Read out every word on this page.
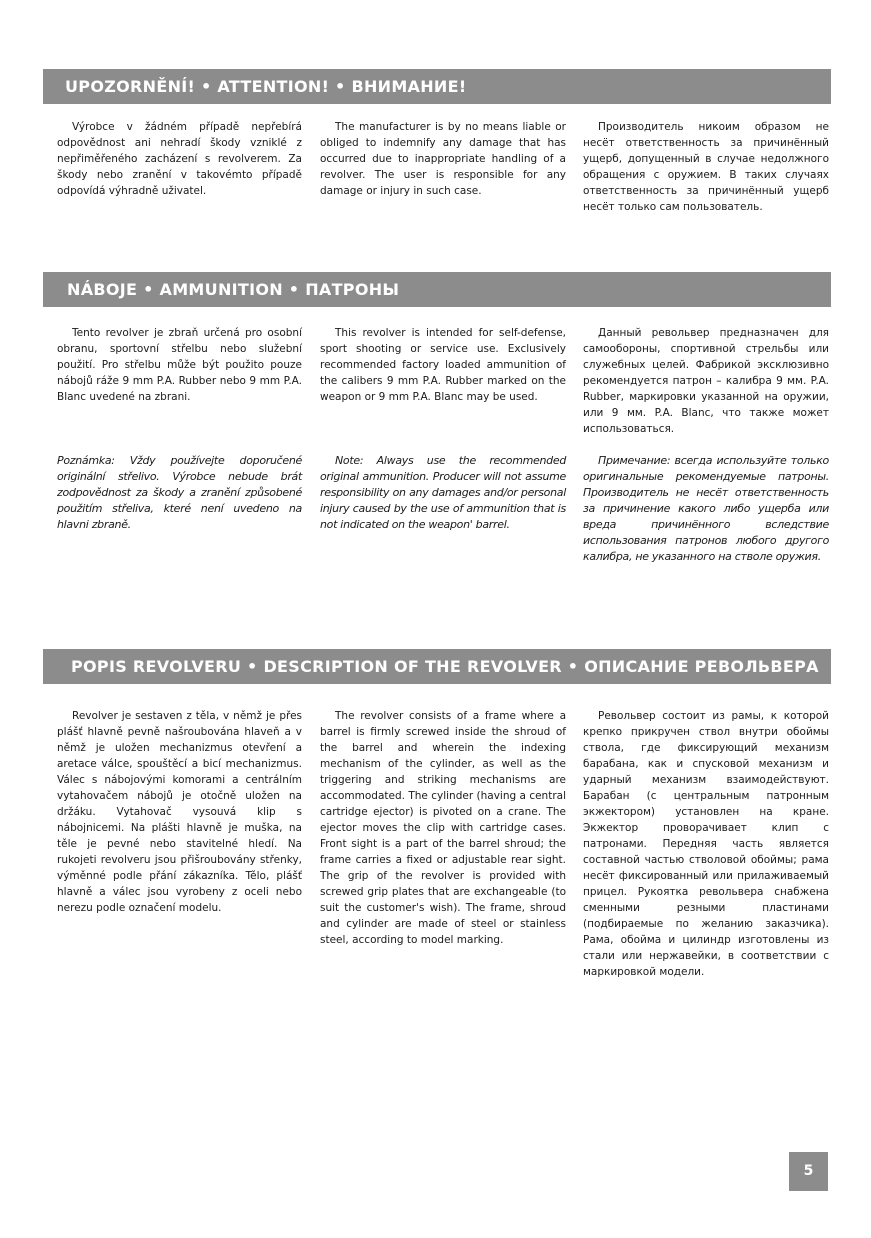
UPOZORNĚNÍ! • ATTENTION! • ВНИМАНИЕ!

Výrobce v žádném případě nepřebírá odpovědnost ani nehradí škody vzniklé z nepřiměřeného zacházení s revolverem. Za škody nebo zranění v takovémto případě odpovídá výhradně uživatel.

The manufacturer is by no means liable or obliged to indemnify any damage that has occurred due to inappropriate handling of a revolver. The user is responsible for any damage or injury in such case.

Производитель никоим образом не несёт ответственность за причинённый ущерб, допущенный в случае недолжного обращения с оружием. В таких случаях ответственность за причинённый ущерб несёт только сам пользователь.

NÁBOJE • AMMUNITION • ПАТРОНЫ

Tento revolver je zbraň určená pro osobní obranu, sportovní střelbu nebo služební použití. Pro střelbu může být použito pouze nábojů ráže 9 mm P.A. Rubber nebo 9 mm P.A. Blanc uvedené na zbrani.

This revolver is intended for self-defense, sport shooting or service use. Exclusively recommended factory loaded ammunition of the calibers 9 mm P.A. Rubber marked on the weapon or 9 mm P.A. Blanc may be used.

Данный револьвер предназначен для самообороны, спортивной стрельбы или служебных целей. Фабрикой эксклюзивно рекомендуется патрон – калибра 9 мм. P.A. Rubber, маркировки указанной на оружии, или 9 мм. P.A. Blanc, что также может использоваться.

Poznámka: Vždy používejte doporučené originální střelivo. Výrobce nebude brát zodpovědnost za škody a zranění způsobené použitím střeliva, které není uvedeno na hlavni zbraně.

Note: Always use the recommended original ammunition. Producer will not assume responsibility on any damages and/or personal injury caused by the use of ammunition that is not indicated on the weapon' barrel.

Примечание: всегда используйте только оригинальные рекомендуемые патроны. Производитель не несёт ответственность за причинение какого либо ущерба или вреда причинённого вследствие использования патронов любого другого калибра, не указанного на стволе оружия.

POPIS REVOLVERU • DESCRIPTION OF THE REVOLVER • ОПИСАНИЕ РЕВОЛЬВЕРА

Revolver je sestaven z těla, v němž je přes plášť hlavně pevně našroubována hlaveň a v němž je uložen mechanizmus otevření a aretace válce, spouštěcí a bicí mechanizmus. Válec s nábojovými komorami a centrálním vytahovačem nábojů je otočně uložen na držáku. Vytahovač vysouvá klip s nábojnicemi. Na plášti hlavně je muška, na těle je pevné nebo stavitelné hledí. Na rukojeti revolveru jsou přišroubovány střenky, výměnné podle přání zákazníka. Tělo, plášť hlavně a válec jsou vyrobeny z oceli nebo nerezu podle označení modelu.

The revolver consists of a frame where a barrel is firmly screwed inside the shroud of the barrel and wherein the indexing mechanism of the cylinder, as well as the triggering and striking mechanisms are accommodated. The cylinder (having a central cartridge ejector) is pivoted on a crane. The ejector moves the clip with cartridge cases. Front sight is a part of the barrel shroud; the frame carries a fixed or adjustable rear sight. The grip of the revolver is provided with screwed grip plates that are exchangeable (to suit the customer's wish). The frame, shroud and cylinder are made of steel or stainless steel, according to model marking.

Револьвер состоит из рамы, к которой крепко прикручен ствол внутри обоймы ствола, где фиксирующий механизм барабана, как и спусковой механизм и ударный механизм взаимодействуют. Барабан (с центральным патронным экжектором) установлен на кране. Экжектор проворачивает клип с патронами. Передняя часть является составной частью стволовой обоймы; рама несёт фиксированный или прилаживаемый прицел. Рукоятка револьвера снабжена сменными резными пластинами (подбираемые по желанию заказчика). Рама, обойма и цилиндр изготовлены из стали или нержавейки, в соответствии с маркировкой модели.

5
